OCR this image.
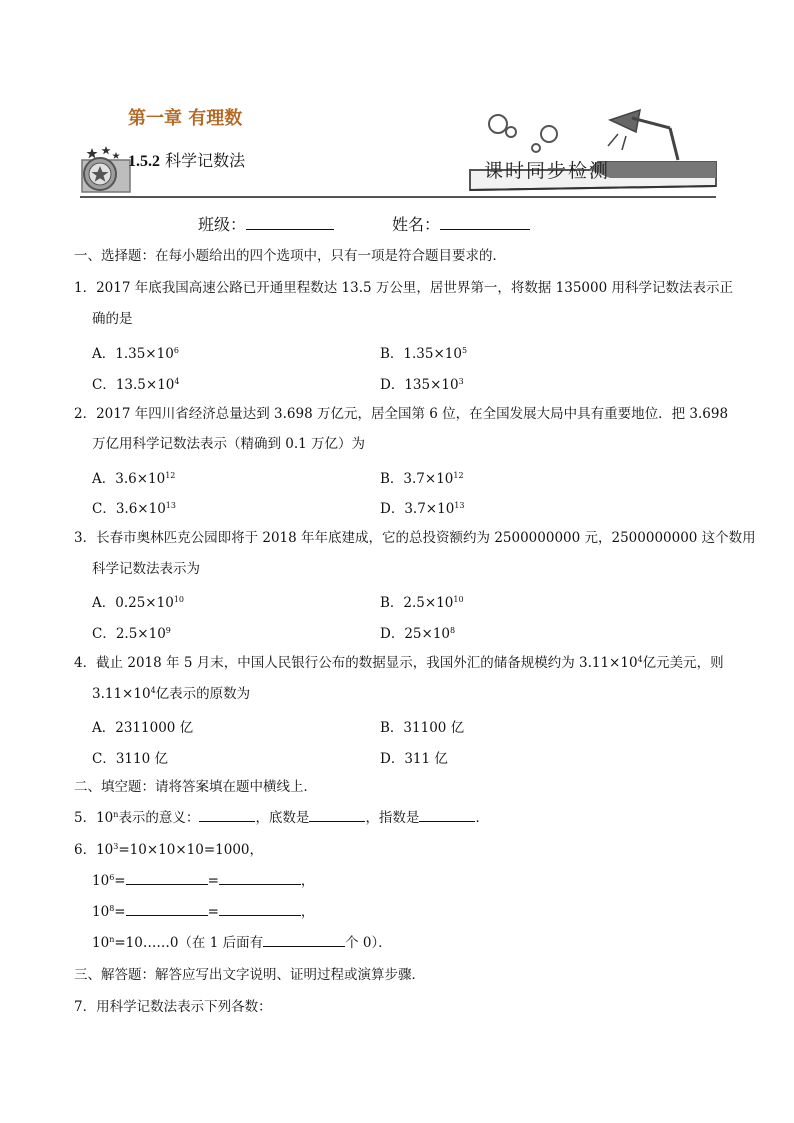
第一章 有理数
1.5.2 科学记数法	课时同步检测
班级：	姓名：
一、选择题：在每小题给出的四个选项中，只有一项是符合题目要求的．
1．2017 年底我国高速公路已开通里程数达 13.5 万公里，居世界第一，将数据 135000 用科学记数法表示正
确的是
A．$1.35\times 10^6$	B．$1.35\times 10^5$
C．$13.5\times 10^4$	D．$135\times 10^3$
2．2017 年四川省经济总量达到 3.698 万亿元，居全国第 6 位，在全国发展大局中具有重要地位．把 3.698
万亿用科学记数法表示（精确到 0.1 万亿）为
A．$3.6\times 10^{12}$	B．$3.7\times 10^{12}$
C．$3.6\times 10^{13}$	D．$3.7\times 10^{13}$
3．长春市奥林匹克公园即将于 2018 年年底建成，它的总投资额约为 2500000000 元，2500000000 这个数用
科学记数法表示为
A．$0.25\times 10^{10}$	B．$2.5\times 10^{10}$
C．$2.5\times 10^9$	D．$25\times 10^8$
4．截止 2018 年 5 月末，中国人民银行公布的数据显示，我国外汇的储备规模约为 $3.11\times 10^4$亿元美元，则
$3.11\times 10^4$亿表示的原数为
A．2311000 亿	B．31100 亿
C．3110 亿	D．311 亿
二、填空题：请将答案填在题中横线上．
5．10$^n$表示的意义：	，底数是	，指数是	．
6．$10^3=10\times 10\times 10=1000$，
$10^6=$	=	，
$10^8=$	=	，
$10^n=10\dots\dots 0$（在 1 后面有	个 0）．
三、解答题：解答应写出文字说明、证明过程或演算步骤．
7．用科学记数法表示下列各数：
